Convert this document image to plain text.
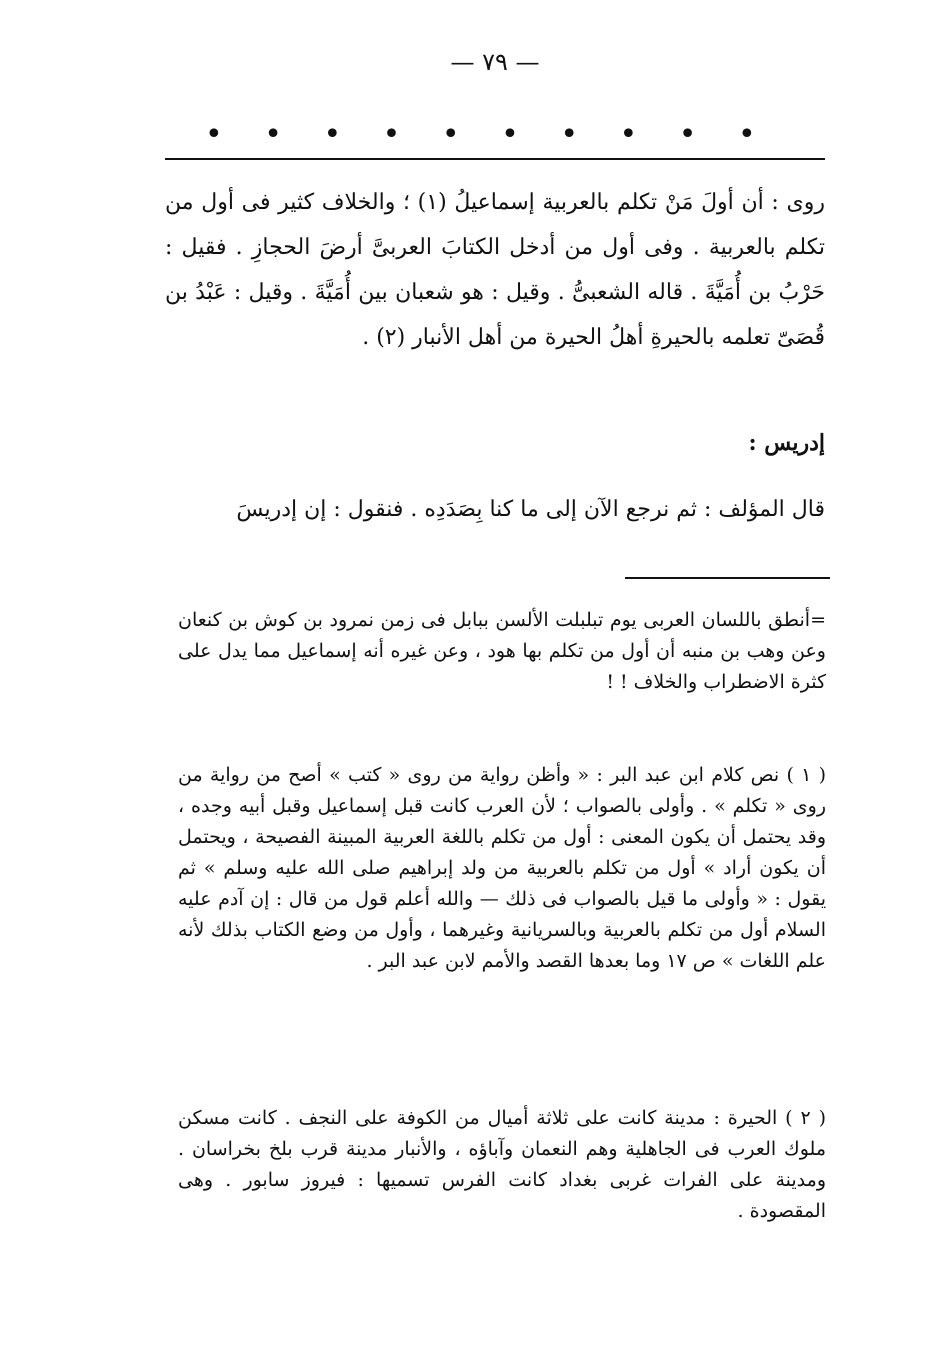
— ٧٩ —
• • • • • • • • • •

روى : أن أولَ مَنْ تكلم بالعربية إسماعيلُ (١) ؛ والخلاف كثير فى أول من تكلم بالعربية . وفى أول من أدخل الكتابَ العربىَّ أرضَ الحجازِ . فقيل : حَرْبُ بن أُمَيَّةَ . قاله الشعبىُّ . وقيل : هو شعبان بين أُمَيَّةَ . وقيل : عَبْدُ بن قُصَىّ تعلمه بالحيرةِ أهلُ الحيرة من أهل الأنبار (٢) .

إدريس :
قال المؤلف : ثم نرجع الآن إلى ما كنا بِصَدَدِه . فنقول : إن إدريسَ

=أنطق باللسان العربى يوم تبلبلت الألسن ببابل فى زمن نمرود بن كوش بن كنعان وعن وهب بن منبه أن أول من تكلم بها هود ، وعن غيره أنه إسماعيل مما يدل على كثرة الاضطراب والخلاف ! !

( ١ ) نص كلام ابن عبد البر : « وأظن رواية من روى « كتب » أصح من رواية من روى « تكلم » . وأولى بالصواب ؛ لأن العرب كانت قبل إسماعيل وقبل أبيه وجده ، وقد يحتمل أن يكون المعنى : أول من تكلم باللغة العربية المبينة الفصيحة ، ويحتمل أن يكون أراد » أول من تكلم بالعربية من ولد إبراهيم صلى الله عليه وسلم » ثم يقول : « وأولى ما قيل بالصواب فى ذلك — والله أعلم قول من قال : إن آدم عليه السلام أول من تكلم بالعربية وبالسريانية وغيرهما ، وأول من وضع الكتاب بذلك لأنه علم اللغات » ص ١٧ وما بعدها القصد والأمم لابن عبد البر .

( ٢ ) الحيرة : مدينة كانت على ثلاثة أميال من الكوفة على النجف . كانت مسكن ملوك العرب فى الجاهلية وهم النعمان وآباؤه ، والأنبار مدينة قرب بلخ بخراسان . ومدينة على الفرات غربى بغداد كانت الفرس تسميها : فيروز سابور . وهى المقصودة .
